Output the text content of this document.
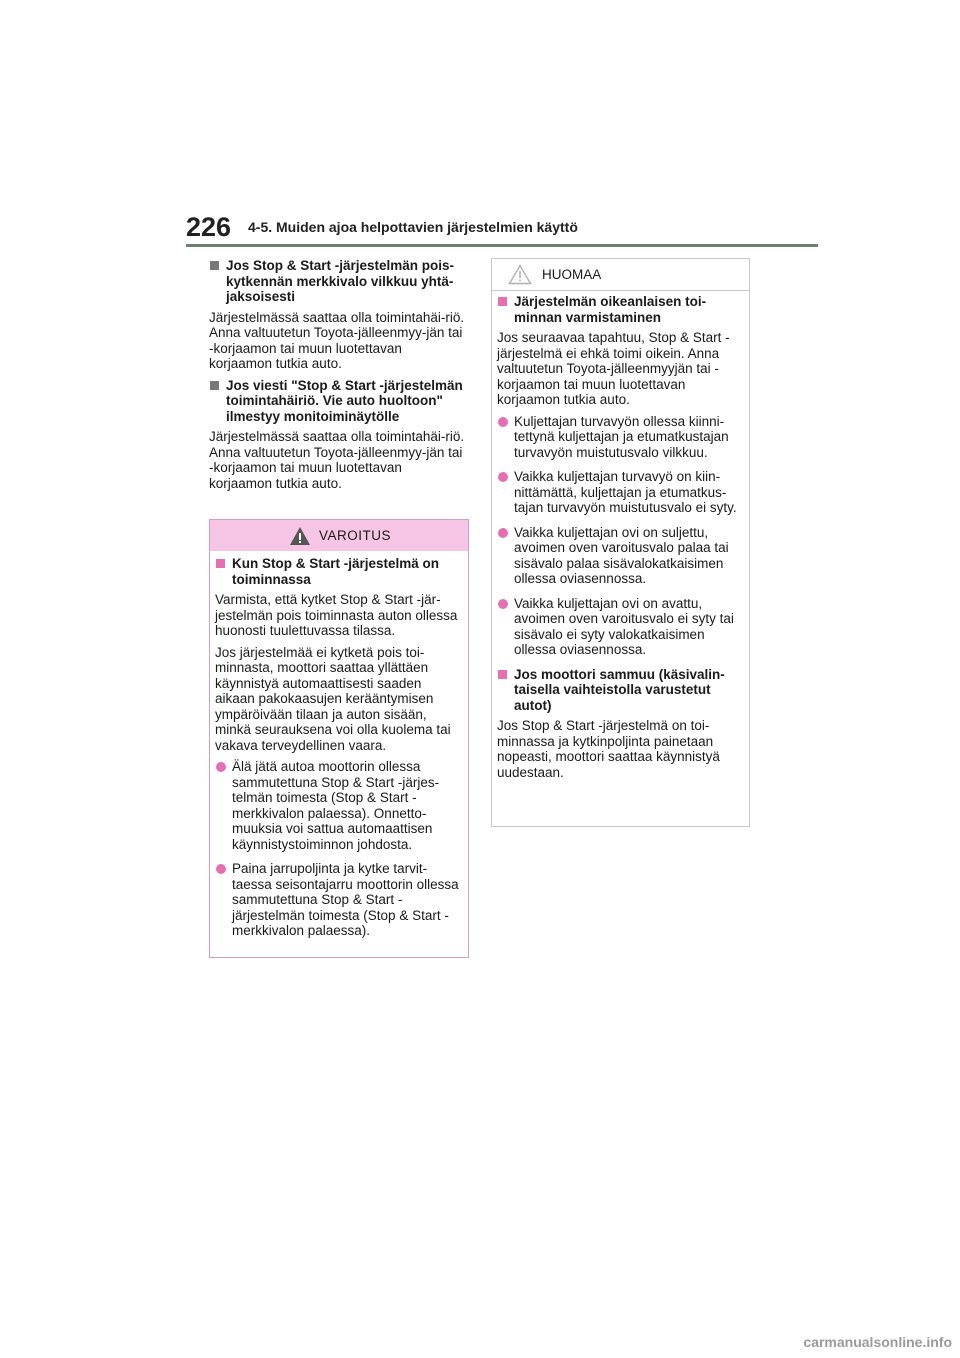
226 4-5. Muiden ajoa helpottavien järjestelmien käyttö
Jos Stop & Start -järjestelmän pois-kytkennän merkkivalo vilkkuu yhtä-jaksoisesti

Järjestelmässä saattaa olla toimintahäi-riö. Anna valtuutetun Toyota-jälleenmyy-jän tai -korjaamon tai muun luotettavan korjaamon tutkia auto.

Jos viesti "Stop & Start -järjestelmän toimintahäiriö. Vie auto huoltoon" ilmestyy monitoiminäytölle

Järjestelmässä saattaa olla toimintahäi-riö. Anna valtuutetun Toyota-jälleenmyy-jän tai -korjaamon tai muun luotettavan korjaamon tutkia auto.

VAROITUS
Kun Stop & Start -järjestelmä on toiminnassa

Varmista, että kytket Stop & Start -jär-jestelmän pois toiminnasta auton ollessa huonosti tuulettuvassa tilassa.

Jos järjestelmää ei kytketä pois toi-minnasta, moottori saattaa yllättäen käynnistyä automaattisesti saaden aikaan pakokaasujen kerääntymisen ympäröivään tilaan ja auton sisään, minkä seurauksena voi olla kuolema tai vakava terveydellinen vaara.

Älä jätä autoa moottorin ollessa sammutettuna Stop & Start -järjes-telmän toimesta (Stop & Start -merkkivalon palaessa). Onnetto-muuksia voi sattua automaattisen käynnistystoiminnon johdosta.
Paina jarrupoljinta ja kytke tarvit-taessa seisontajarru moottorin ollessa sammutettuna Stop & Start -järjestelmän toimesta (Stop & Start -merkkivalon palaessa).
HUOMAA
Järjestelmän oikeanlaisen toi-minnan varmistaminen

Jos seuraavaa tapahtuu, Stop & Start -järjestelmä ei ehkä toimi oikein. Anna valtuutetun Toyota-jälleenmyyjän tai -korjaamon tai muun luotettavan korjaamon tutkia auto.

Kuljettajan turvavyön ollessa kiinni-tettynä kuljettajan ja etumatkustajan turvavyön muistutusvalo vilkkuu.
Vaikka kuljettajan turvavyö on kiin-nittämättä, kuljettajan ja etumatkus-tajan turvavyön muistutusvalo ei syty.
Vaikka kuljettajan ovi on suljettu, avoimen oven varoitusvalo palaa tai sisävalo palaa sisävalokatkaisimen ollessa oviasennossa.
Vaikka kuljettajan ovi on avattu, avoimen oven varoitusvalo ei syty tai sisävalo ei syty valokatkaisimen ollessa oviasennossa.
Jos moottori sammuu (käsivalin-taisella vaihteistolla varustetut autot)

Jos Stop & Start -järjestelmä on toi-minnassa ja kytkinpoljinta painetaan nopeasti, moottori saattaa käynnistyä uudestaan.

carmanualsonline.info
